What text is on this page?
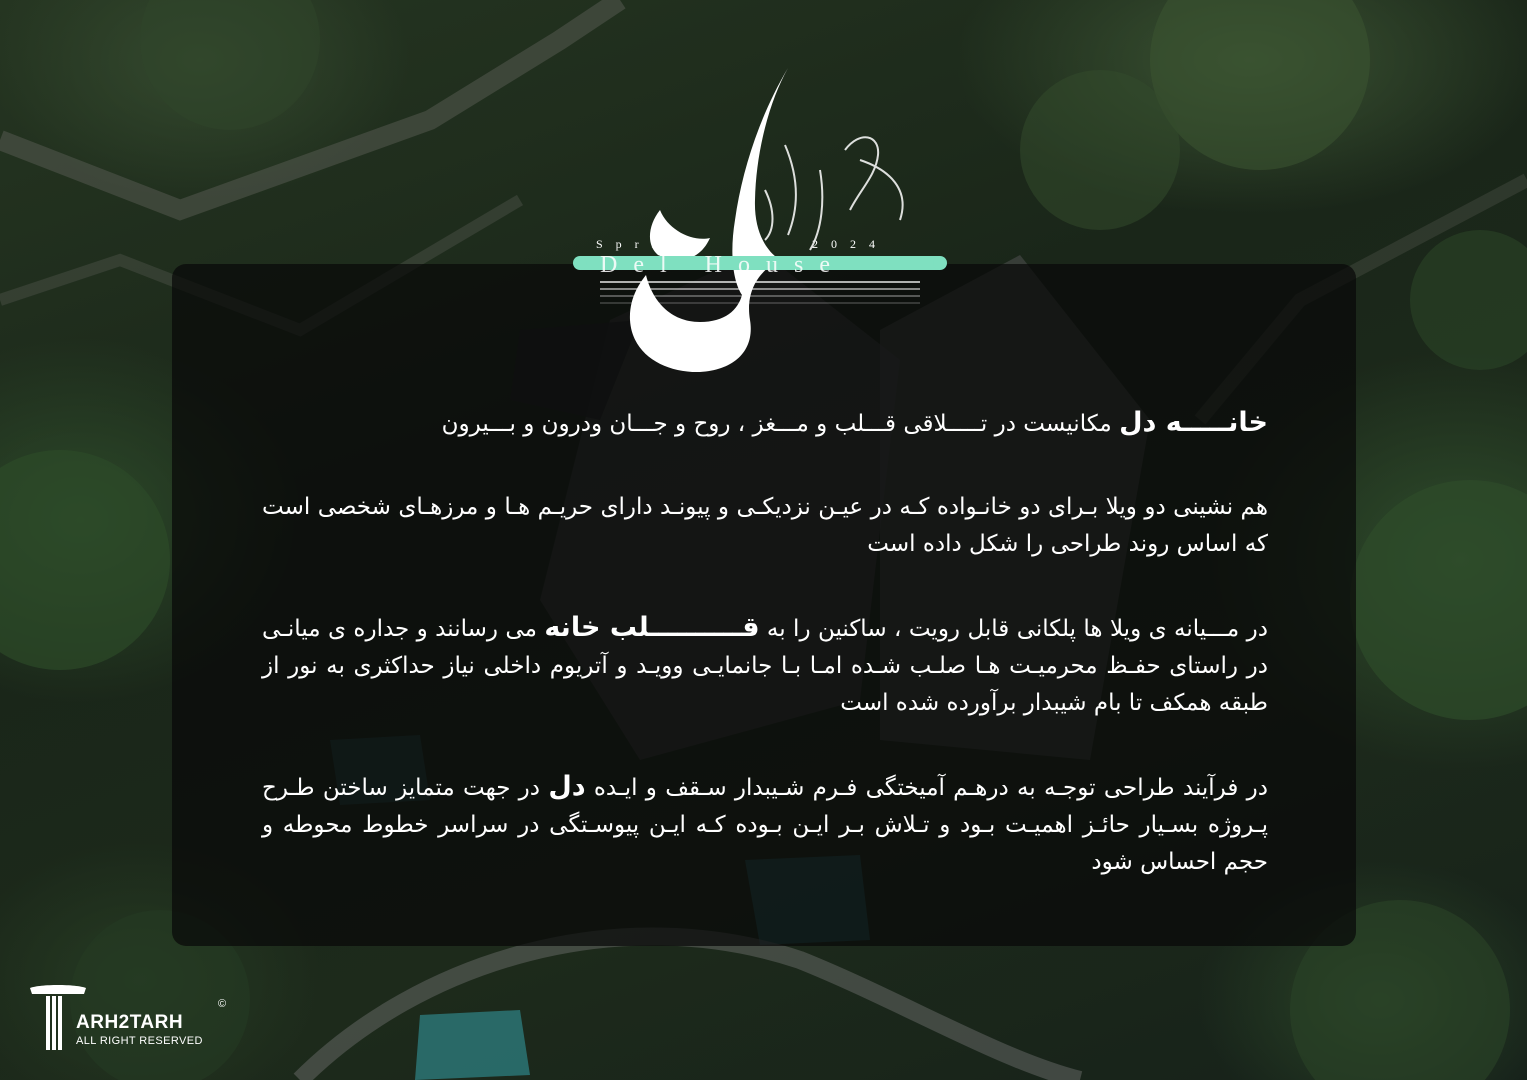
Spring	2024
Del House

خانـــــه دل مکانیست در تـــــلاقی قـــلب و مـــغز ، روح و جـــان ودرون و بـــیرون

هم نشینی دو ویلا بـرای دو خانـواده کـه در عیـن نزدیکـی و پیونـد دارای حریـم هـا و مرزهـای شخصی است که اساس روند طراحی را شکل داده است

در مـــیانه ی ویلا ها پلکانی قابل رویت ، ساکنین را به قــــــــــلب خانه می رسانند و جداره ی میانـی در راستای حفـظ محرمیـت هـا صلـب شـده امـا بـا جانمایـی وویـد و آتریوم داخلی نیاز حداکثری به نور از طبقه همکف تا بام شیبدار برآورده شده است

در فرآیند طراحی توجـه به درهـم آمیختگی فـرم شـیبدار سـقف و ایـده دل در جهت متمایز ساختن طـرح پـروژه بسـیار حائـز اهمیـت بـود و تـلاش بـر ایـن بـوده کـه ایـن پیوسـتگی در سراسر خطوط محوطه و حجم احساس شود

ARH2TARH
ALL RIGHT RESERVED
©
